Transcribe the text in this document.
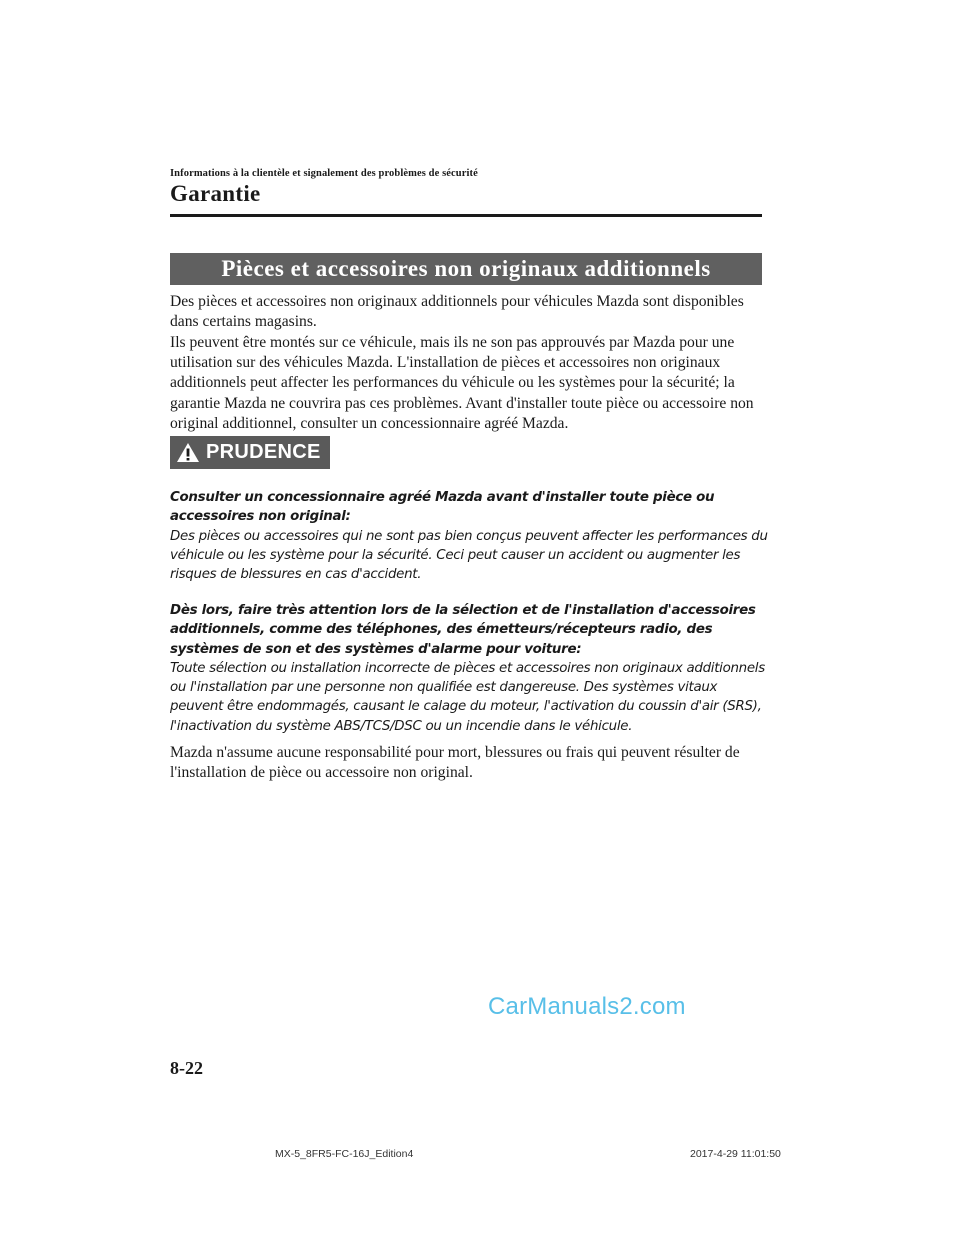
Informations à la clientèle et signalement des problèmes de sécurité
Garantie
Pièces et accessoires non originaux additionnels

Des pièces et accessoires non originaux additionnels pour véhicules Mazda sont disponibles dans certains magasins.

Ils peuvent être montés sur ce véhicule, mais ils ne son pas approuvés par Mazda pour une utilisation sur des véhicules Mazda. L'installation de pièces et accessoires non originaux additionnels peut affecter les performances du véhicule ou les systèmes pour la sécurité; la garantie Mazda ne couvrira pas ces problèmes. Avant d'installer toute pièce ou accessoire non original additionnel, consulter un concessionnaire agréé Mazda.

PRUDENCE
Consulter un concessionnaire agréé Mazda avant d'installer toute pièce ou accessoires non original:
Des pièces ou accessoires qui ne sont pas bien conçus peuvent affecter les performances du véhicule ou les système pour la sécurité. Ceci peut causer un accident ou augmenter les risques de blessures en cas d'accident.
Dès lors, faire très attention lors de la sélection et de l'installation d'accessoires additionnels, comme des téléphones, des émetteurs/récepteurs radio, des systèmes de son et des systèmes d'alarme pour voiture:
Toute sélection ou installation incorrecte de pièces et accessoires non originaux additionnels ou l'installation par une personne non qualifiée est dangereuse. Des systèmes vitaux peuvent être endommagés, causant le calage du moteur, l'activation du coussin d'air (SRS), l'inactivation du système ABS/TCS/DSC ou un incendie dans le véhicule.

Mazda n'assume aucune responsabilité pour mort, blessures ou frais qui peuvent résulter de l'installation de pièce ou accessoire non original.

CarManuals2.com
8-22
MX-5_8FR5-FC-16J_Edition4	2017-4-29 11:01:50
